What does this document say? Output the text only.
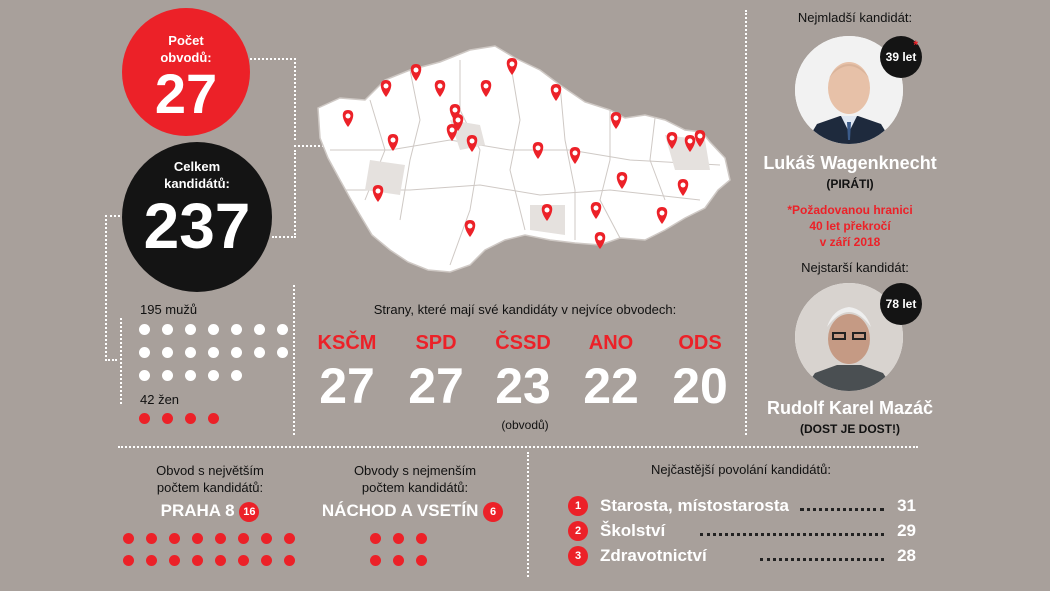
Počet
obvodů:
27
Celkem
kandidátů:
237
195 mužů
42 žen
Strany, které mají své kandidáty v nejvíce obvodech:
KSČM
27
SPD
27
ČSSD
23
ANO
22
ODS
20
(obvodů)
Nejmladší kandidát:
39 let
*
Lukáš Wagenknecht
(PIRÁTI)
*Požadovanou hranici
40 let překročí
v září 2018
Nejstarší kandidát:
78 let
Rudolf Karel Mazáč
(DOST JE DOST!)
Obvod s největším
počtem kandidátů:
PRAHA 8 16
Obvody s nejmenším
počtem kandidátů:
NÁCHOD A VSETÍN 6
Nejčastější povolání kandidátů:
1	Starosta, místostarosta	31
2	Školství	29
3	Zdravotnictví	28
